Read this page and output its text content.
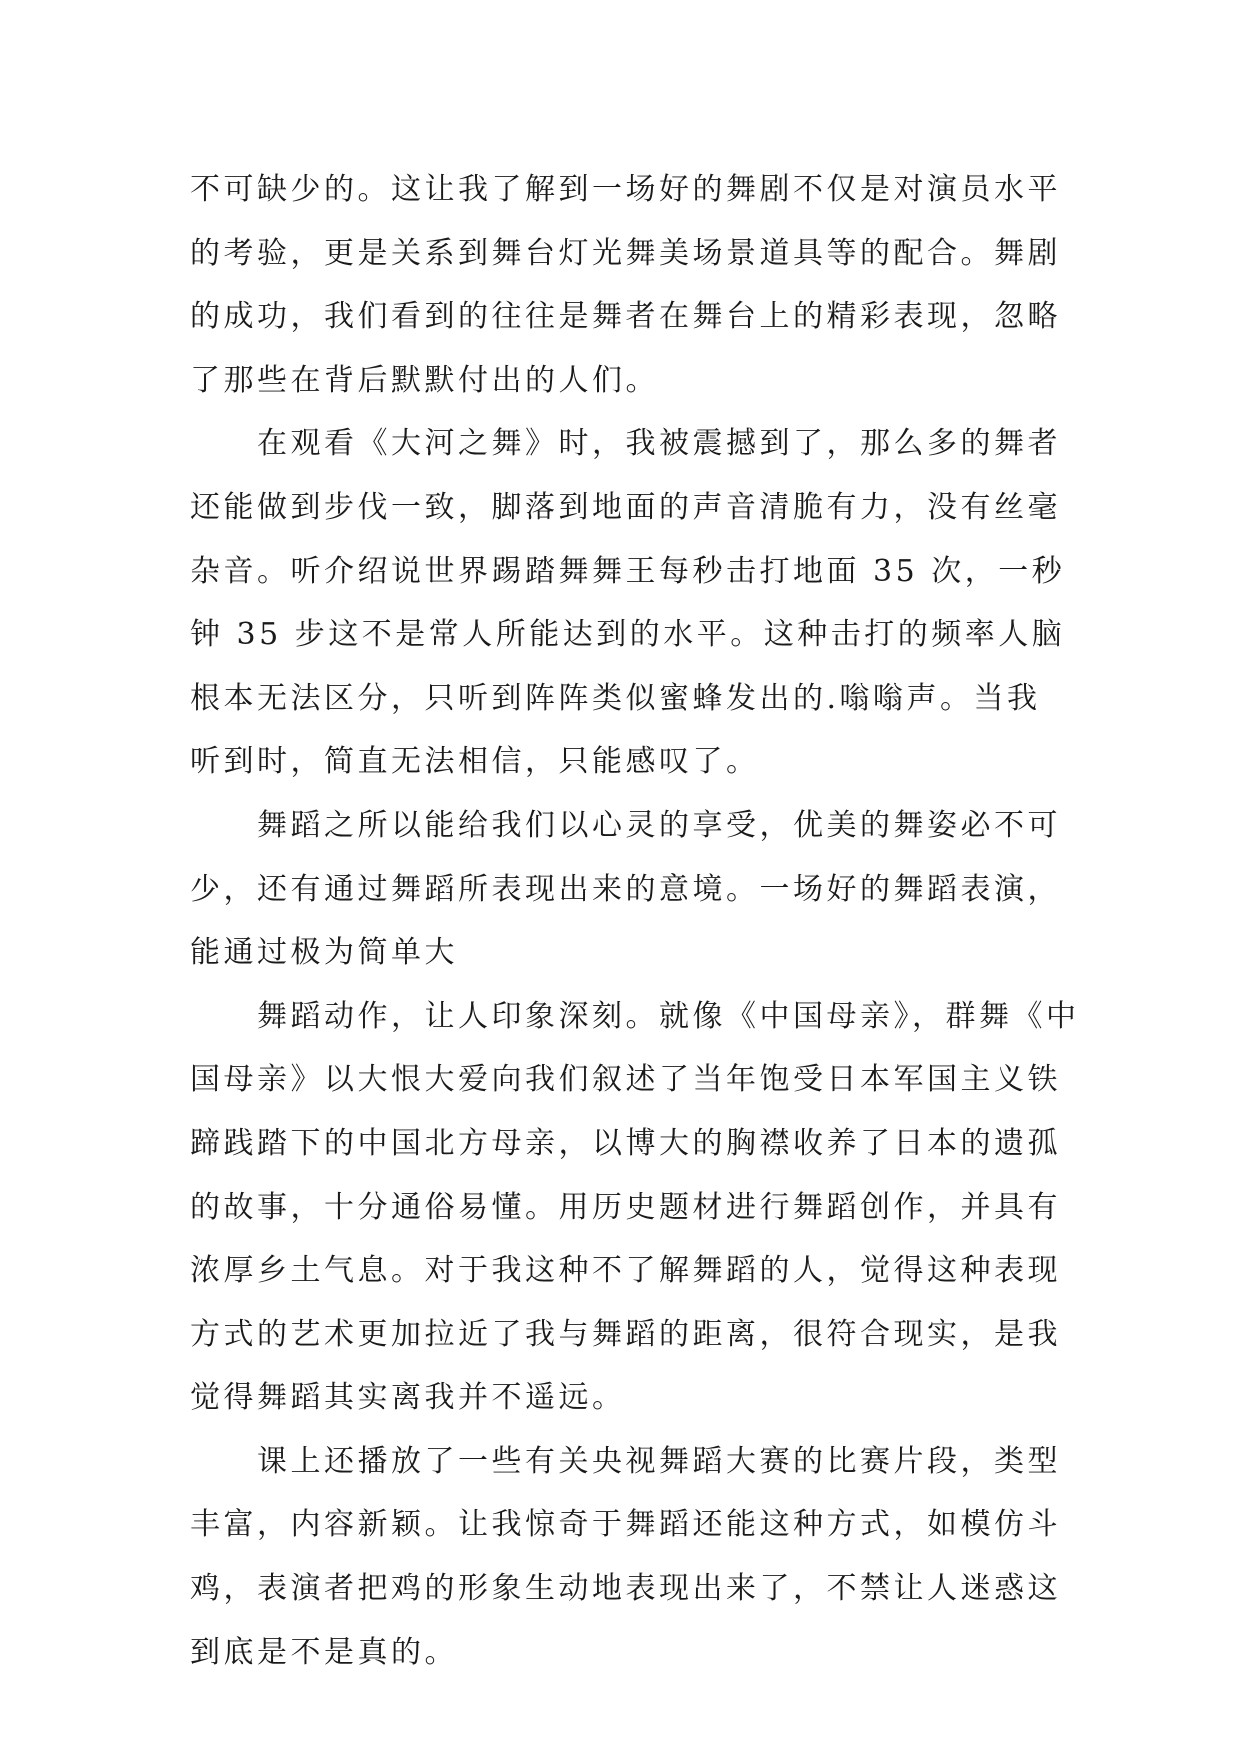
不可缺少的。这让我了解到一场好的舞剧不仅是对演员水平
的考验，更是关系到舞台灯光舞美场景道具等的配合。舞剧
的成功，我们看到的往往是舞者在舞台上的精彩表现，忽略
了那些在背后默默付出的人们。
在观看《大河之舞》时，我被震撼到了，那么多的舞者
还能做到步伐一致，脚落到地面的声音清脆有力，没有丝毫
杂音。听介绍说世界踢踏舞舞王每秒击打地面 35 次，一秒
钟 35 步这不是常人所能达到的水平。这种击打的频率人脑
根本无法区分，只听到阵阵类似蜜蜂发出的.嗡嗡声。当我
听到时，简直无法相信，只能感叹了。
舞蹈之所以能给我们以心灵的享受，优美的舞姿必不可
少，还有通过舞蹈所表现出来的意境。一场好的舞蹈表演，
能通过极为简单大
舞蹈动作，让人印象深刻。就像《中国母亲》，群舞《中
国母亲》以大恨大爱向我们叙述了当年饱受日本军国主义铁
蹄践踏下的中国北方母亲，以博大的胸襟收养了日本的遗孤
的故事，十分通俗易懂。用历史题材进行舞蹈创作，并具有
浓厚乡土气息。对于我这种不了解舞蹈的人，觉得这种表现
方式的艺术更加拉近了我与舞蹈的距离，很符合现实，是我
觉得舞蹈其实离我并不遥远。
课上还播放了一些有关央视舞蹈大赛的比赛片段，类型
丰富，内容新颖。让我惊奇于舞蹈还能这种方式，如模仿斗
鸡，表演者把鸡的形象生动地表现出来了，不禁让人迷惑这
到底是不是真的。
